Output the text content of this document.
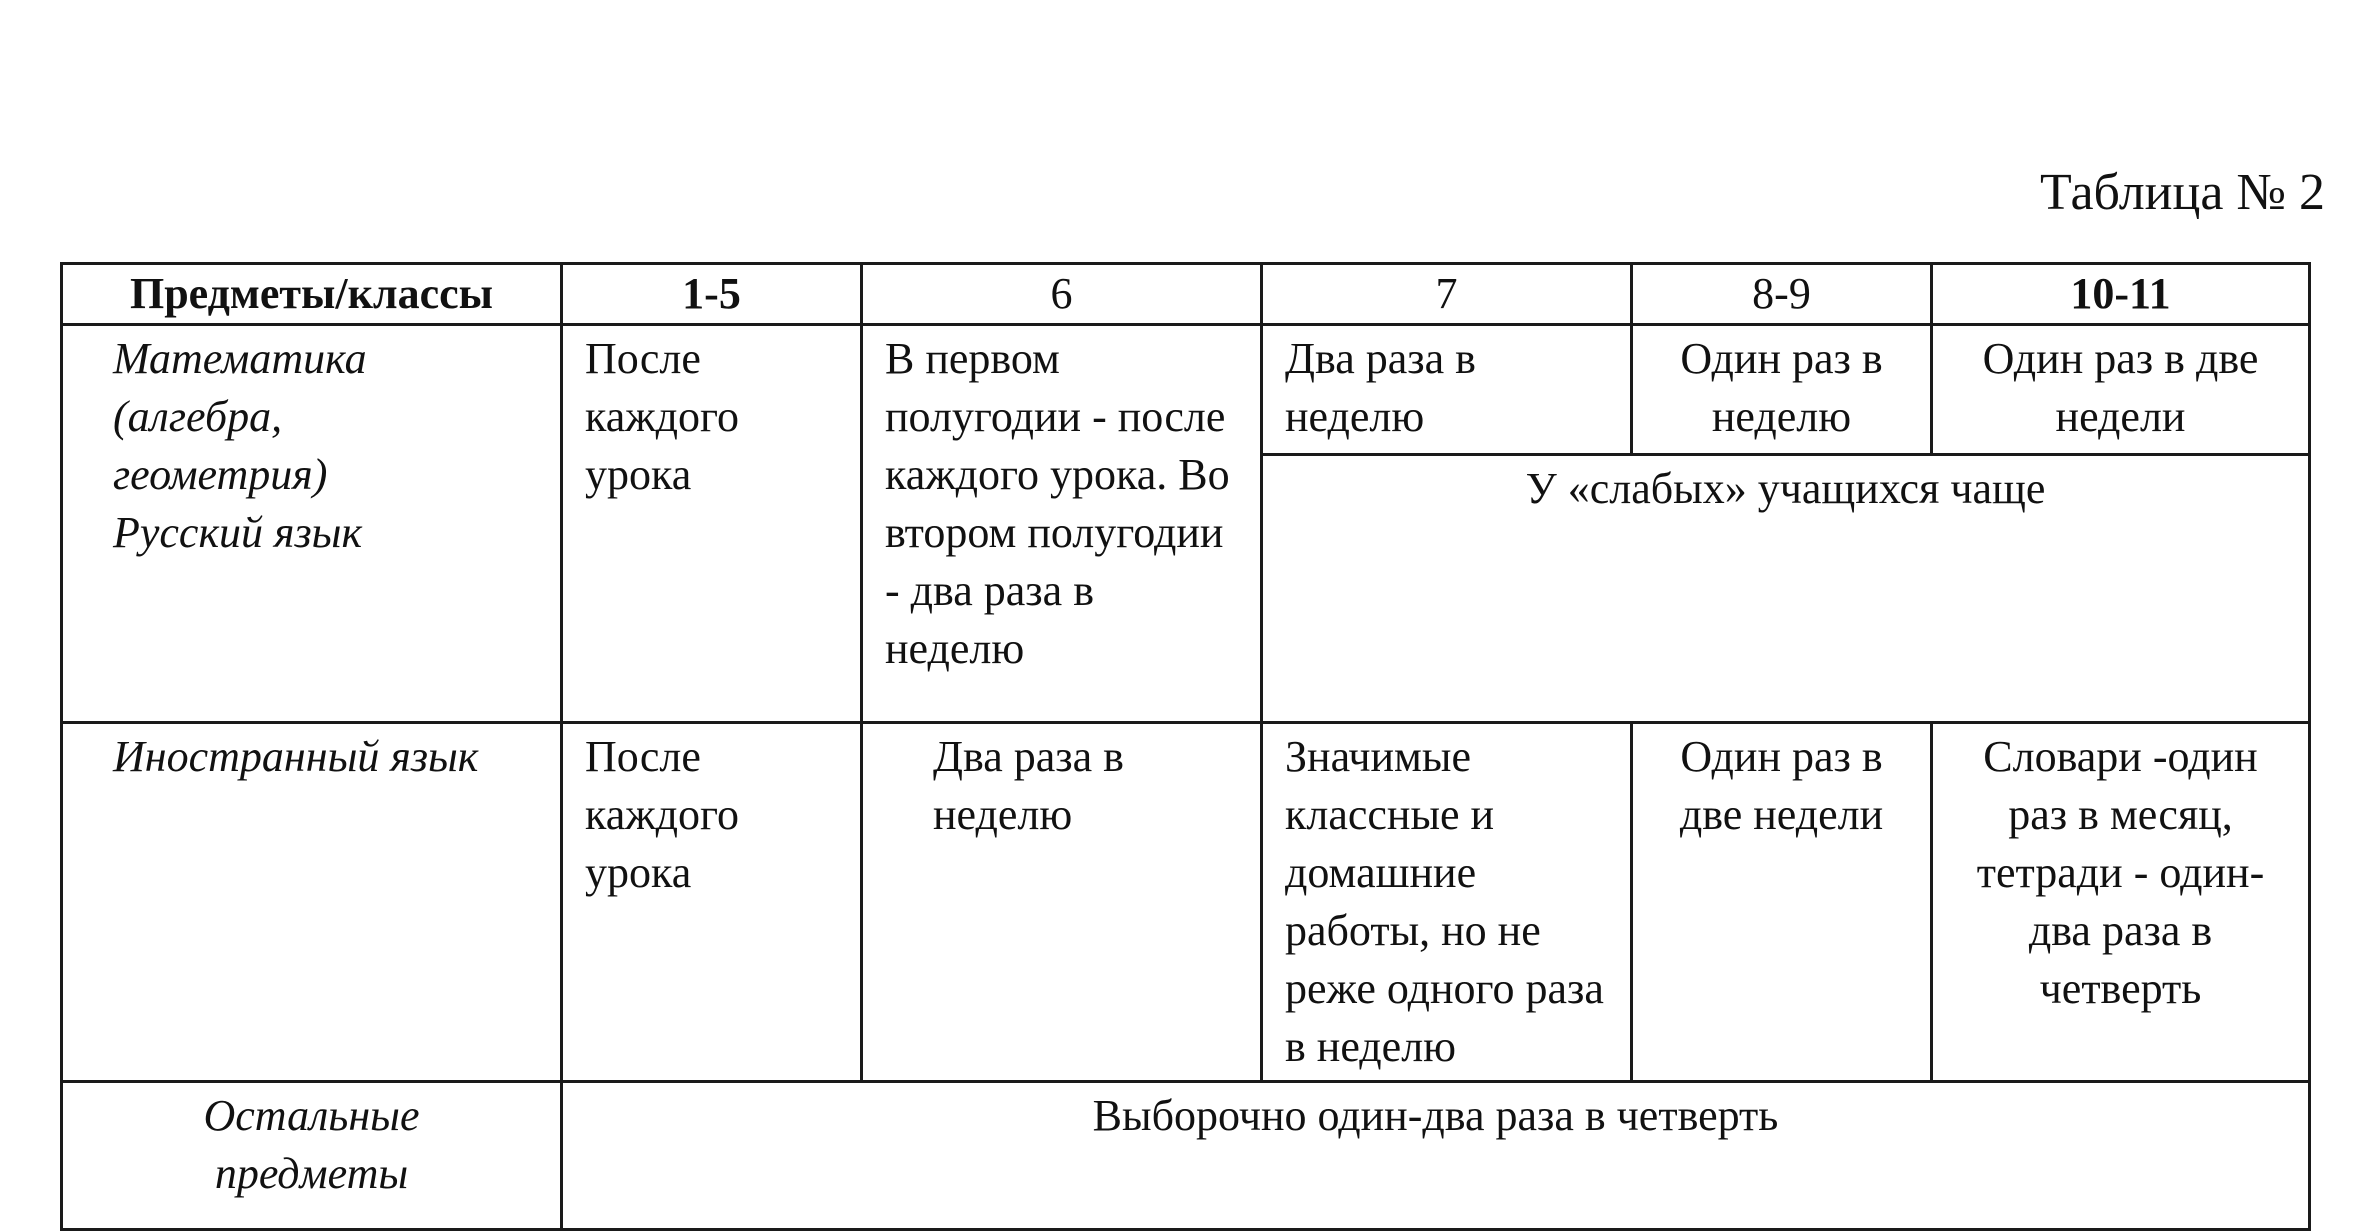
Таблица № 2
Предметы/классы	1-5	6	7	8-9	10-11

Математика
(алгебра,
геометрия)
Русский язык	После каждого урока	В первом полугодии - после каждого урока. Во втором полугодии - два раза в неделю	Два раза в неделю	Один раз в неделю	Один раз в две недели
			У «слабых» учащихся чаще		
Иностранный язык	После каждого урока	Два раза в неделю	Значимые классные и домашние работы, но не реже одного раза в неделю	Один раз в две недели	Словари -один раз в месяц, тетради - один-два раза в четверть

Остальные
предметы	Выборочно один-два раза в четверть				
